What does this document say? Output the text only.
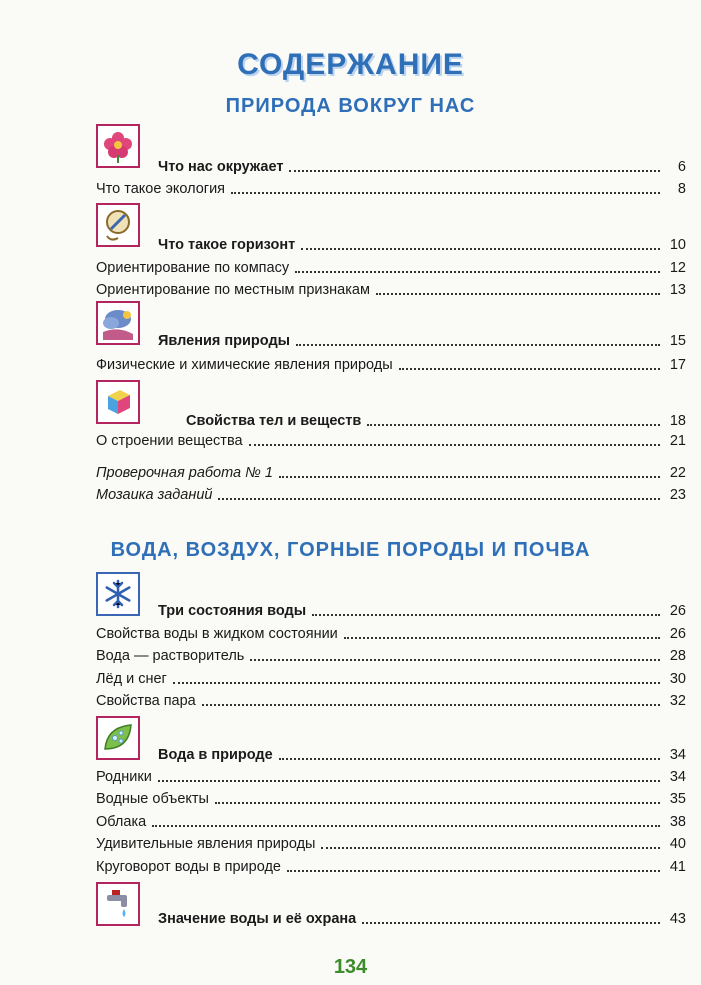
СОДЕРЖАНИЕ
ПРИРОДА ВОКРУГ НАС
ВОДА, ВОЗДУХ, ГОРНЫЕ ПОРОДЫ И ПОЧВА
Что нас окружает	6
Что такое экология	8
Что такое горизонт	10
Ориентирование по компасу	12
Ориентирование по местным признакам	13
Явления природы	15
Физические и химические явления природы	17
Свойства тел и веществ	18
О строении вещества	21
Проверочная работа № 1	22
Мозаика заданий	23
Три состояния воды	26
Свойства воды в жидком состоянии	26
Вода — растворитель	28
Лёд и снег	30
Свойства пара	32
Вода в природе	34
Родники	34
Водные объекты	35
Облака	38
Удивительные явления природы	40
Круговорот воды в природе	41
Значение воды и её охрана	43
134
